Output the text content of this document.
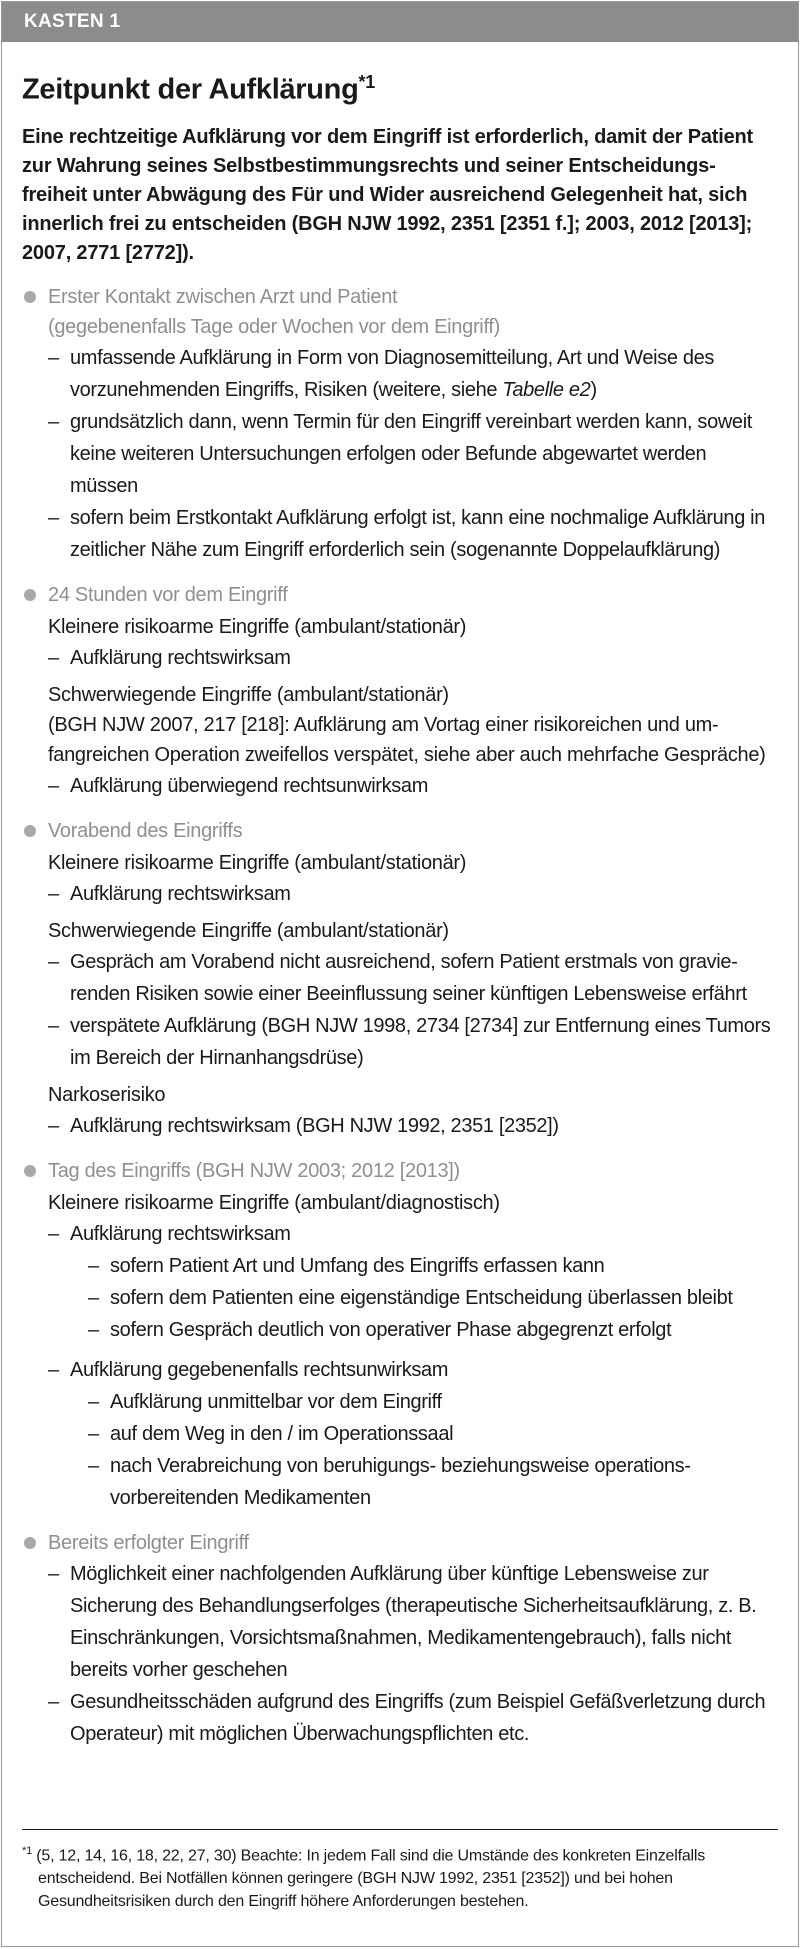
KASTEN 1
Zeitpunkt der Aufklärung$^{*1}$

Eine rechtzeitige Aufklärung vor dem Eingriff ist erforderlich, damit der Patient zur Wahrung seines Selbstbestimmungsrechts und seiner Entscheidungs-freiheit unter Abwägung des Für und Wider ausreichend Gelegenheit hat, sich innerlich frei zu entscheiden (BGH NJW 1992, 2351 [2351 f.]; 2003, 2012 [2013]; 2007, 2771 [2772]).

Erster Kontakt zwischen Arzt und Patient
(gegebenenfalls Tage oder Wochen vor dem Eingriff)
– umfassende Aufklärung in Form von Diagnosemitteilung, Art und Weise des vorzunehmenden Eingriffs, Risiken (weitere, siehe Tabelle e2)
– grundsätzlich dann, wenn Termin für den Eingriff vereinbart werden kann, soweit keine weiteren Untersuchungen erfolgen oder Befunde abgewartet werden müssen
– sofern beim Erstkontakt Aufklärung erfolgt ist, kann eine nochmalige Aufklärung in zeitlicher Nähe zum Eingriff erforderlich sein (sogenannte Doppelaufklärung)
24 Stunden vor dem Eingriff
Kleinere risikoarme Eingriffe (ambulant/stationär)
– Aufklärung rechtswirksam
Schwerwiegende Eingriffe (ambulant/stationär)
(BGH NJW 2007, 217 [218]: Aufklärung am Vortag einer risikoreichen und um-fangreichen Operation zweifellos verspätet, siehe aber auch mehrfache Gespräche)
– Aufklärung überwiegend rechtsunwirksam
Vorabend des Eingriffs
Kleinere risikoarme Eingriffe (ambulant/stationär)
– Aufklärung rechtswirksam
Schwerwiegende Eingriffe (ambulant/stationär)
– Gespräch am Vorabend nicht ausreichend, sofern Patient erstmals von gravie-renden Risiken sowie einer Beeinflussung seiner künftigen Lebensweise erfährt
– verspätete Aufklärung (BGH NJW 1998, 2734 [2734] zur Entfernung eines Tumors im Bereich der Hirnanhangsdrüse)
Narkoserisiko
– Aufklärung rechtswirksam (BGH NJW 1992, 2351 [2352])
Tag des Eingriffs (BGH NJW 2003; 2012 [2013])
Kleinere risikoarme Eingriffe (ambulant/diagnostisch)
– Aufklärung rechtswirksam
– sofern Patient Art und Umfang des Eingriffs erfassen kann
– sofern dem Patienten eine eigenständige Entscheidung überlassen bleibt
– sofern Gespräch deutlich von operativer Phase abgegrenzt erfolgt
– Aufklärung gegebenenfalls rechtsunwirksam
– Aufklärung unmittelbar vor dem Eingriff
– auf dem Weg in den / im Operationssaal
– nach Verabreichung von beruhigungs- beziehungsweise operations-vorbereitenden Medikamenten
Bereits erfolgter Eingriff
– Möglichkeit einer nachfolgenden Aufklärung über künftige Lebensweise zur Sicherung des Behandlungserfolges (therapeutische Sicherheitsaufklärung, z. B. Einschränkungen, Vorsichtsmaßnahmen, Medikamentengebrauch), falls nicht bereits vorher geschehen
– Gesundheitsschäden aufgrund des Eingriffs (zum Beispiel Gefäßverletzung durch Operateur) mit möglichen Überwachungspflichten etc.
$^{*1}$ (5, 12, 14, 16, 18, 22, 27, 30) Beachte: In jedem Fall sind die Umstände des konkreten Einzelfalls entscheidend. Bei Notfällen können geringere (BGH NJW 1992, 2351 [2352]) und bei hohen Gesundheitsrisiken durch den Eingriff höhere Anforderungen bestehen.
